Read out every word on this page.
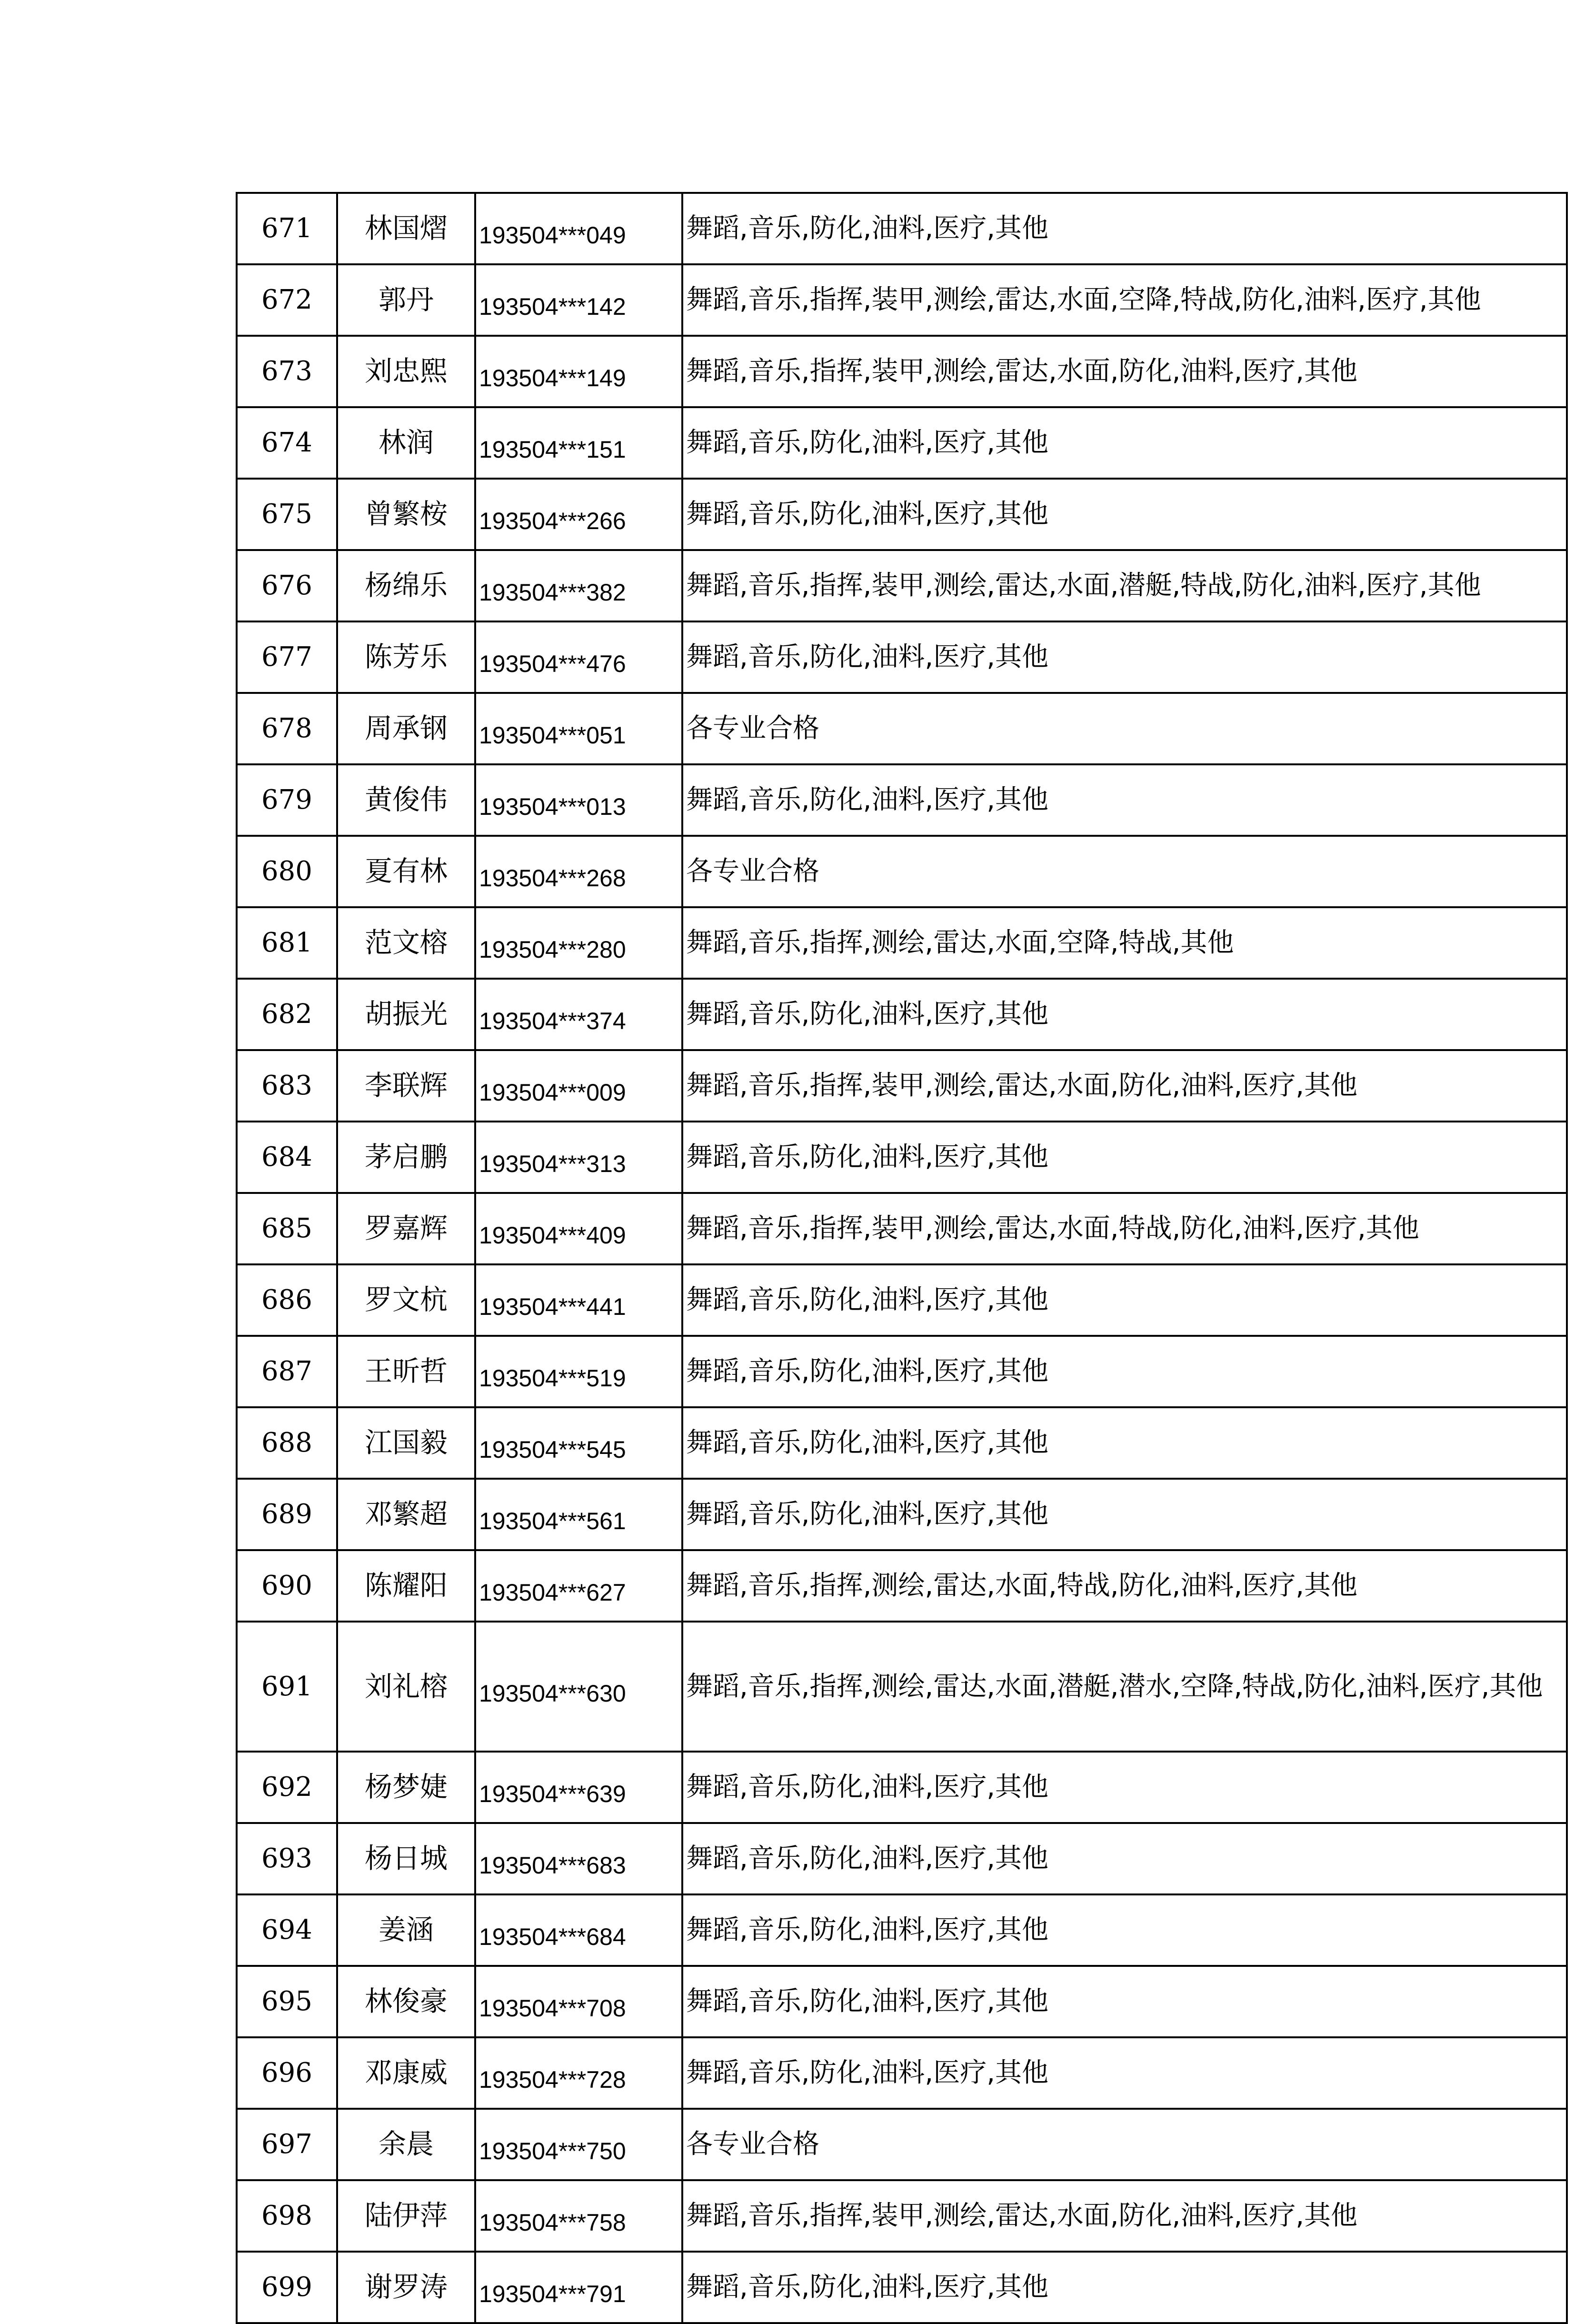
671	林国熠	193504***049	舞蹈,音乐,防化,油料,医疗,其他
672	郭丹	193504***142	舞蹈,音乐,指挥,装甲,测绘,雷达,水面,空降,特战,防化,油料,医疗,其他
673	刘忠熙	193504***149	舞蹈,音乐,指挥,装甲,测绘,雷达,水面,防化,油料,医疗,其他
674	林润	193504***151	舞蹈,音乐,防化,油料,医疗,其他
675	曾繁桉	193504***266	舞蹈,音乐,防化,油料,医疗,其他
676	杨绵乐	193504***382	舞蹈,音乐,指挥,装甲,测绘,雷达,水面,潜艇,特战,防化,油料,医疗,其他
677	陈芳乐	193504***476	舞蹈,音乐,防化,油料,医疗,其他
678	周承钢	193504***051	各专业合格
679	黄俊伟	193504***013	舞蹈,音乐,防化,油料,医疗,其他
680	夏有林	193504***268	各专业合格
681	范文榕	193504***280	舞蹈,音乐,指挥,测绘,雷达,水面,空降,特战,其他
682	胡振光	193504***374	舞蹈,音乐,防化,油料,医疗,其他
683	李联辉	193504***009	舞蹈,音乐,指挥,装甲,测绘,雷达,水面,防化,油料,医疗,其他
684	茅启鹏	193504***313	舞蹈,音乐,防化,油料,医疗,其他
685	罗嘉辉	193504***409	舞蹈,音乐,指挥,装甲,测绘,雷达,水面,特战,防化,油料,医疗,其他
686	罗文杭	193504***441	舞蹈,音乐,防化,油料,医疗,其他
687	王昕哲	193504***519	舞蹈,音乐,防化,油料,医疗,其他
688	江国毅	193504***545	舞蹈,音乐,防化,油料,医疗,其他
689	邓繁超	193504***561	舞蹈,音乐,防化,油料,医疗,其他
690	陈耀阳	193504***627	舞蹈,音乐,指挥,测绘,雷达,水面,特战,防化,油料,医疗,其他
691	刘礼榕	193504***630	舞蹈,音乐,指挥,测绘,雷达,水面,潜艇,潜水,空降,特战,防化,油料,医疗,其他
692	杨梦婕	193504***639	舞蹈,音乐,防化,油料,医疗,其他
693	杨日城	193504***683	舞蹈,音乐,防化,油料,医疗,其他
694	姜涵	193504***684	舞蹈,音乐,防化,油料,医疗,其他
695	林俊豪	193504***708	舞蹈,音乐,防化,油料,医疗,其他
696	邓康威	193504***728	舞蹈,音乐,防化,油料,医疗,其他
697	余晨	193504***750	各专业合格
698	陆伊萍	193504***758	舞蹈,音乐,指挥,装甲,测绘,雷达,水面,防化,油料,医疗,其他
699	谢罗涛	193504***791	舞蹈,音乐,防化,油料,医疗,其他
